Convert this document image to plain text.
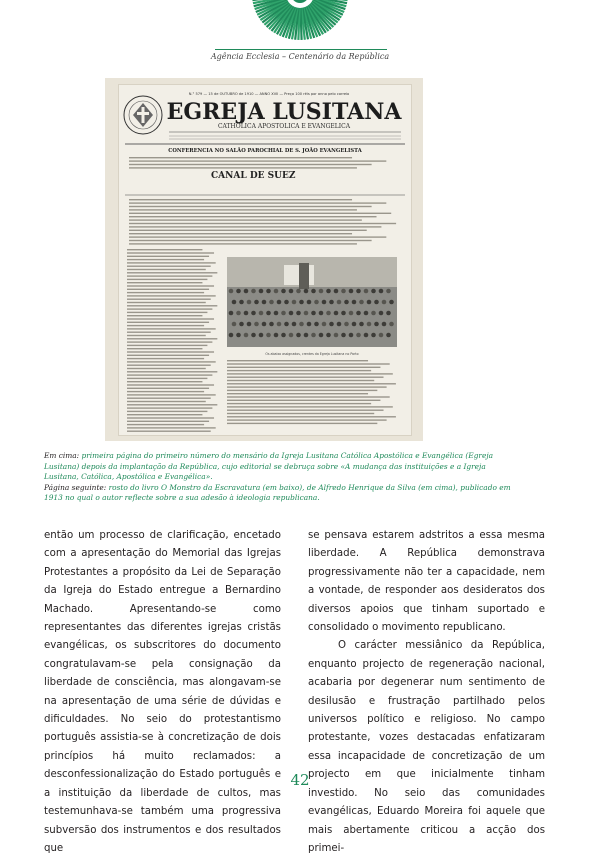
Agência Ecclesia – Centenário da República
N.° 579 — 15 de OUTUBRO de 1910 — ANNO XVII — Preço 100 réis por anno pelo correio
EGREJA LUSITANA
CATHOLICA APOSTOLICA E EVANGELICA
CONFERENCIA NO SALÃO PAROCHIAL DE S. JOÃO EVANGELISTA
CANAL DE SUEZ
Os abaixo assignados, crentes da Egreja Lusitana no Porto
Em cima: primeira página do primeiro número do mensário da Igreja Lusitana Católica Apostólica e Evangélica (Egreja Lusitana) depois da implantação da República, cujo editorial se debruça sobre «A mudança das instituições e a Igreja Lusitana, Católica, Apostólica e Evangélica».
Página seguinte: rosto do livro O Monstro da Escravatura (em baixo), de Alfredo Henrique da Silva (em cima), publicado em 1913 no qual o autor reflecte sobre a sua adesão à ideologia republicana.

então um processo de clarificação, encetado com a apresentação do Memorial das Igrejas Protestantes a propósito da Lei de Separação da Igreja do Estado entregue a Bernardino Machado. Apresentando-se como representantes das diferentes igrejas cristãs evangélicas, os subscritores do documento congratulavam-se pela consignação da liberdade de consciência, mas alongavam-se na apresentação de uma série de dúvidas e dificuldades. No seio do protestantismo português assistia-se à concretização de dois princípios há muito reclamados: a desconfessionalização do Estado português e a instituição da liberdade de cultos, mas testemunhava-se também uma progressiva subversão dos instrumentos e dos resultados que

se pensava estarem adstritos a essa mesma liberdade. A República demonstrava progressivamente não ter a capacidade, nem a vontade, de responder aos desideratos dos diversos apoios que tinham suportado e consolidado o movimento republicano.

O carácter messiânico da República, enquanto projecto de regeneração nacional, acabaria por degenerar num sentimento de desilusão e frustração partilhado pelos universos político e religioso. No campo protestante, vozes destacadas enfatizaram essa incapacidade de concretização de um projecto em que inicialmente tinham investido. No seio das comunidades evangélicas, Eduardo Moreira foi aquele que mais abertamente criticou a acção dos primei-

42
